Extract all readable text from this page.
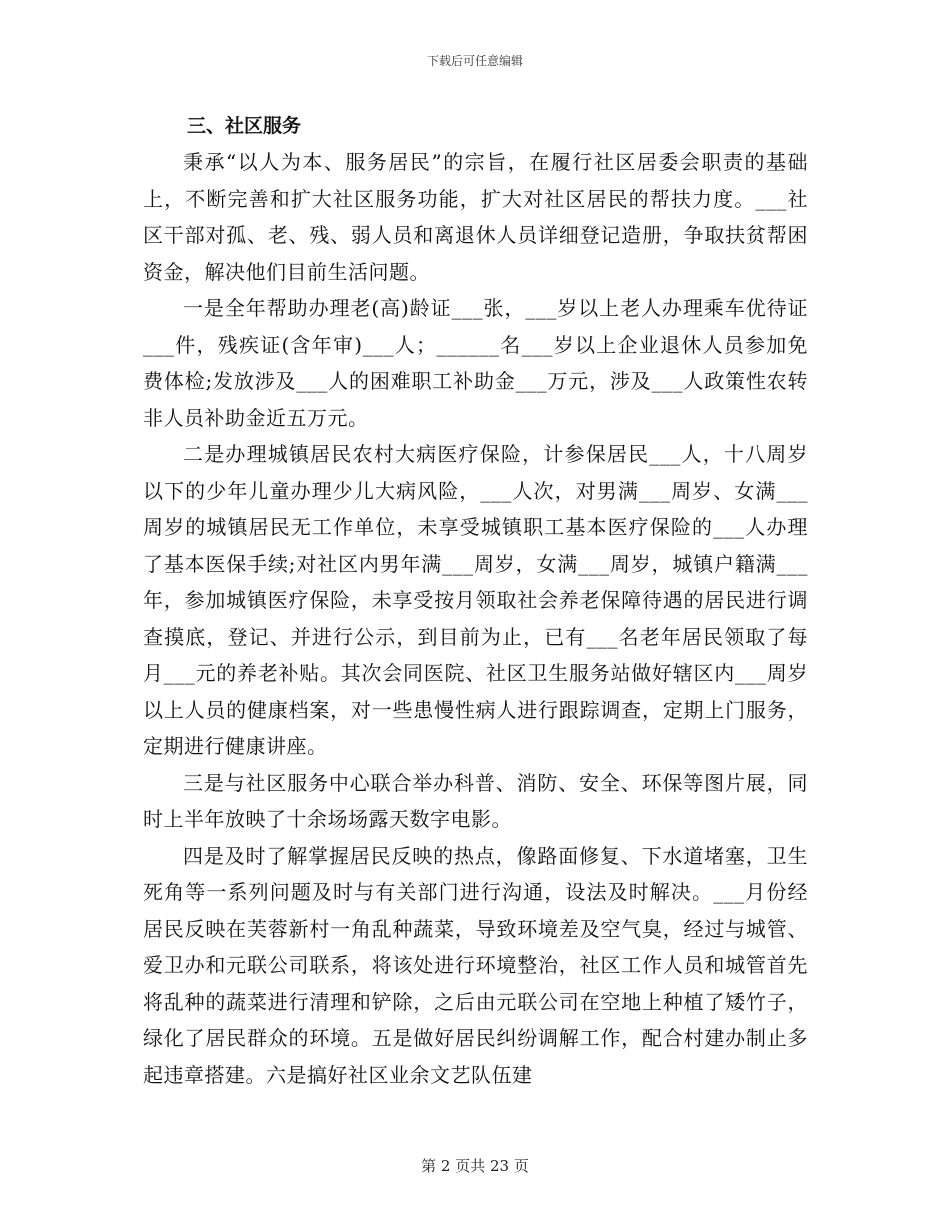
下载后可任意编辑
三、社区服务

秉承“以人为本、服务居民”的宗旨，在履行社区居委会职责的基础上，不断完善和扩大社区服务功能，扩大对社区居民的帮扶力度。___社区干部对孤、老、残、弱人员和离退休人员详细登记造册，争取扶贫帮困资金，解决他们目前生活问题。

一是全年帮助办理老(高)龄证___张，___岁以上老人办理乘车优待证___件，残疾证(含年审)___人；______名___岁以上企业退休人员参加免费体检;发放涉及___人的困难职工补助金___万元，涉及___人政策性农转非人员补助金近五万元。

二是办理城镇居民农村大病医疗保险，计参保居民___人，十八周岁以下的少年儿童办理少儿大病风险，___人次，对男满___周岁、女满___周岁的城镇居民无工作单位，未享受城镇职工基本医疗保险的___人办理了基本医保手续;对社区内男年满___周岁，女满___周岁，城镇户籍满___年，参加城镇医疗保险，未享受按月领取社会养老保障待遇的居民进行调查摸底，登记、并进行公示，到目前为止，已有___名老年居民领取了每月___元的养老补贴。其次会同医院、社区卫生服务站做好辖区内___周岁以上人员的健康档案，对一些患慢性病人进行跟踪调查，定期上门服务，定期进行健康讲座。

三是与社区服务中心联合举办科普、消防、安全、环保等图片展，同时上半年放映了十余场场露天数字电影。

四是及时了解掌握居民反映的热点，像路面修复、下水道堵塞，卫生死角等一系列问题及时与有关部门进行沟通，设法及时解决。___月份经居民反映在芙蓉新村一角乱种蔬菜，导致环境差及空气臭，经过与城管、爱卫办和元联公司联系，将该处进行环境整治，社区工作人员和城管首先将乱种的蔬菜进行清理和铲除，之后由元联公司在空地上种植了矮竹子，绿化了居民群众的环境。五是做好居民纠纷调解工作，配合村建办制止多起违章搭建。六是搞好社区业余文艺队伍建

第 2 页共 23 页
